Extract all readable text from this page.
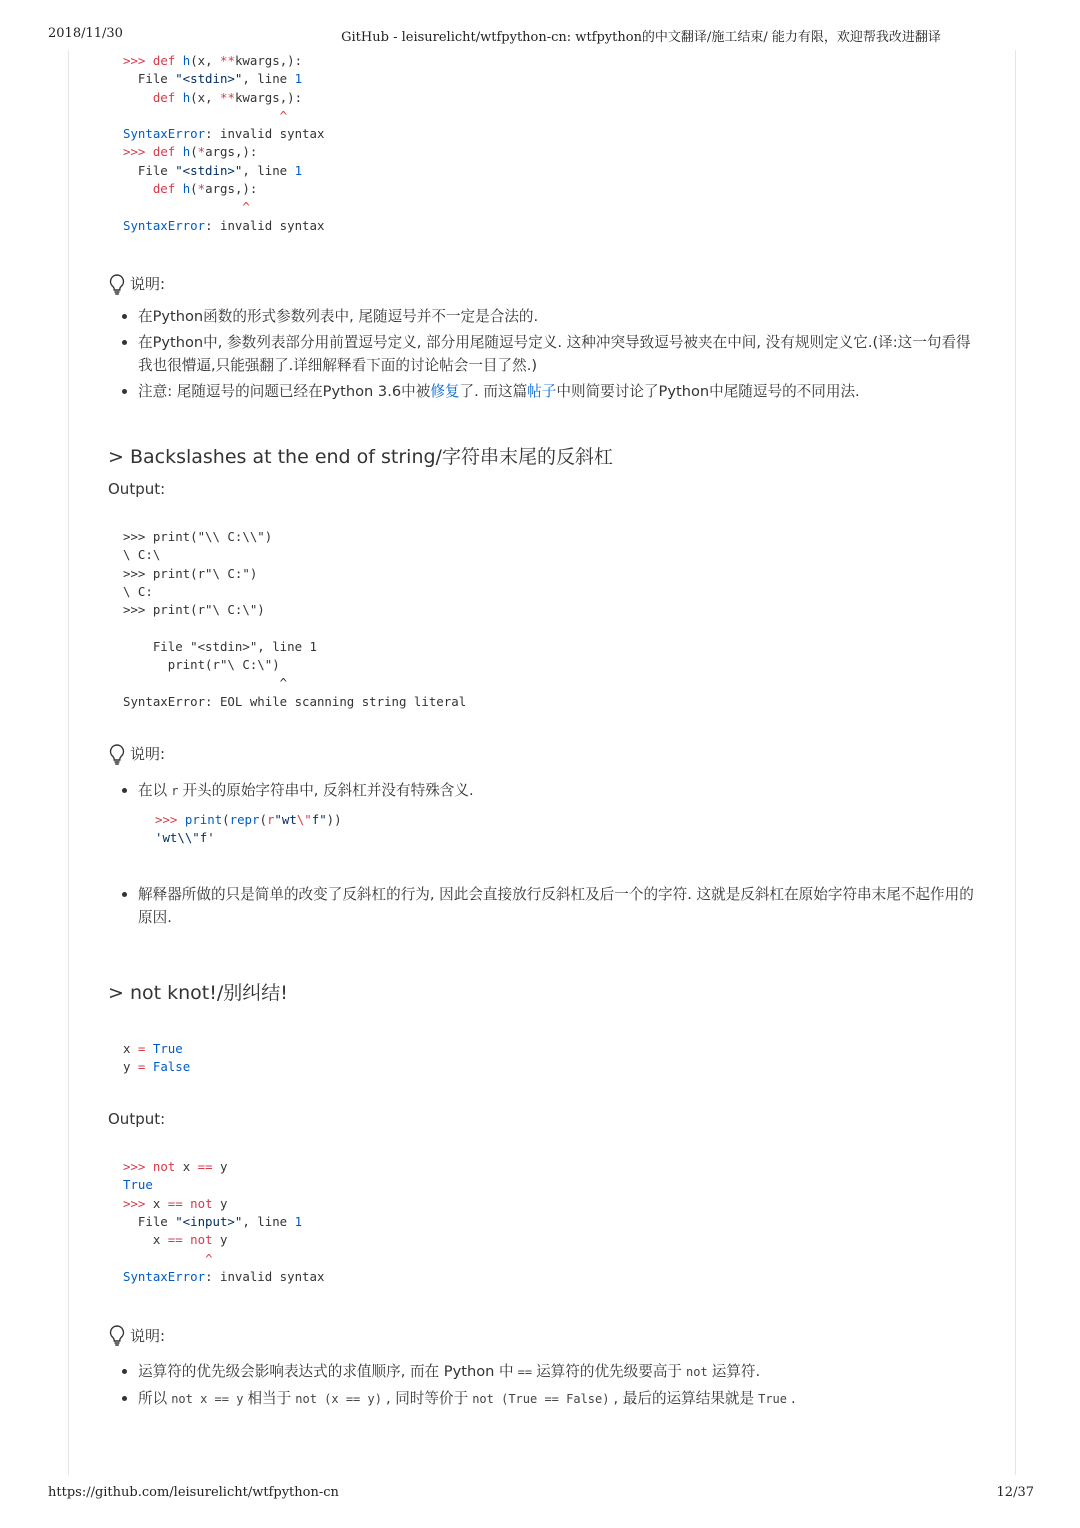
2018/11/30	GitHub - leisurelicht/wtfpython-cn: wtfpython的中文翻译/施工结束/ 能力有限，欢迎帮我改进翻译
>>> def h(x, **kwargs,):
File "<stdin>", line 1
def h(x, **kwargs,):
^
SyntaxError: invalid syntax
>>> def h(*args,):
File "<stdin>", line 1
def h(*args,):
^
SyntaxError: invalid syntax
说明:
• 在Python函数的形式参数列表中, 尾随逗号并不一定是合法的.
• 在Python中, 参数列表部分用前置逗号定义, 部分用尾随逗号定义. 这种冲突导致逗号被夹在中间, 没有规则定义它.(译:这一句看得我也很懵逼,只能强翻了.详细解释看下面的讨论帖会一目了然.)
• 注意: 尾随逗号的问题已经在Python 3.6中被修复了. 而这篇帖子中则简要讨论了Python中尾随逗号的不同用法.
> Backslashes at the end of string/字符串末尾的反斜杠
Output:
>>> print("\\ C:\\")
\ C:\
>>> print(r"\ C:")
\ C:
>>> print(r"\ C:\")

File "<stdin>", line 1
print(r"\ C:\")
^
SyntaxError: EOL while scanning string literal
说明:
• 在以 r 开头的原始字符串中, 反斜杠并没有特殊含义.
>>> print(repr(r"wt\"f"))
'wt\\"f'
• 解释器所做的只是简单的改变了反斜杠的行为, 因此会直接放行反斜杠及后一个的字符. 这就是反斜杠在原始字符串末尾不起作用的原因.
> not knot!/别纠结!
x = True
y = False
Output:
>>> not x == y
True
>>> x == not y
File "<input>", line 1
x == not y
^
SyntaxError: invalid syntax
说明:
• 运算符的优先级会影响表达式的求值顺序, 而在 Python 中 == 运算符的优先级要高于 not 运算符.
• 所以 not x == y 相当于 not (x == y) , 同时等价于 not (True == False) , 最后的运算结果就是 True .
https://github.com/leisurelicht/wtfpython-cn	12/37
